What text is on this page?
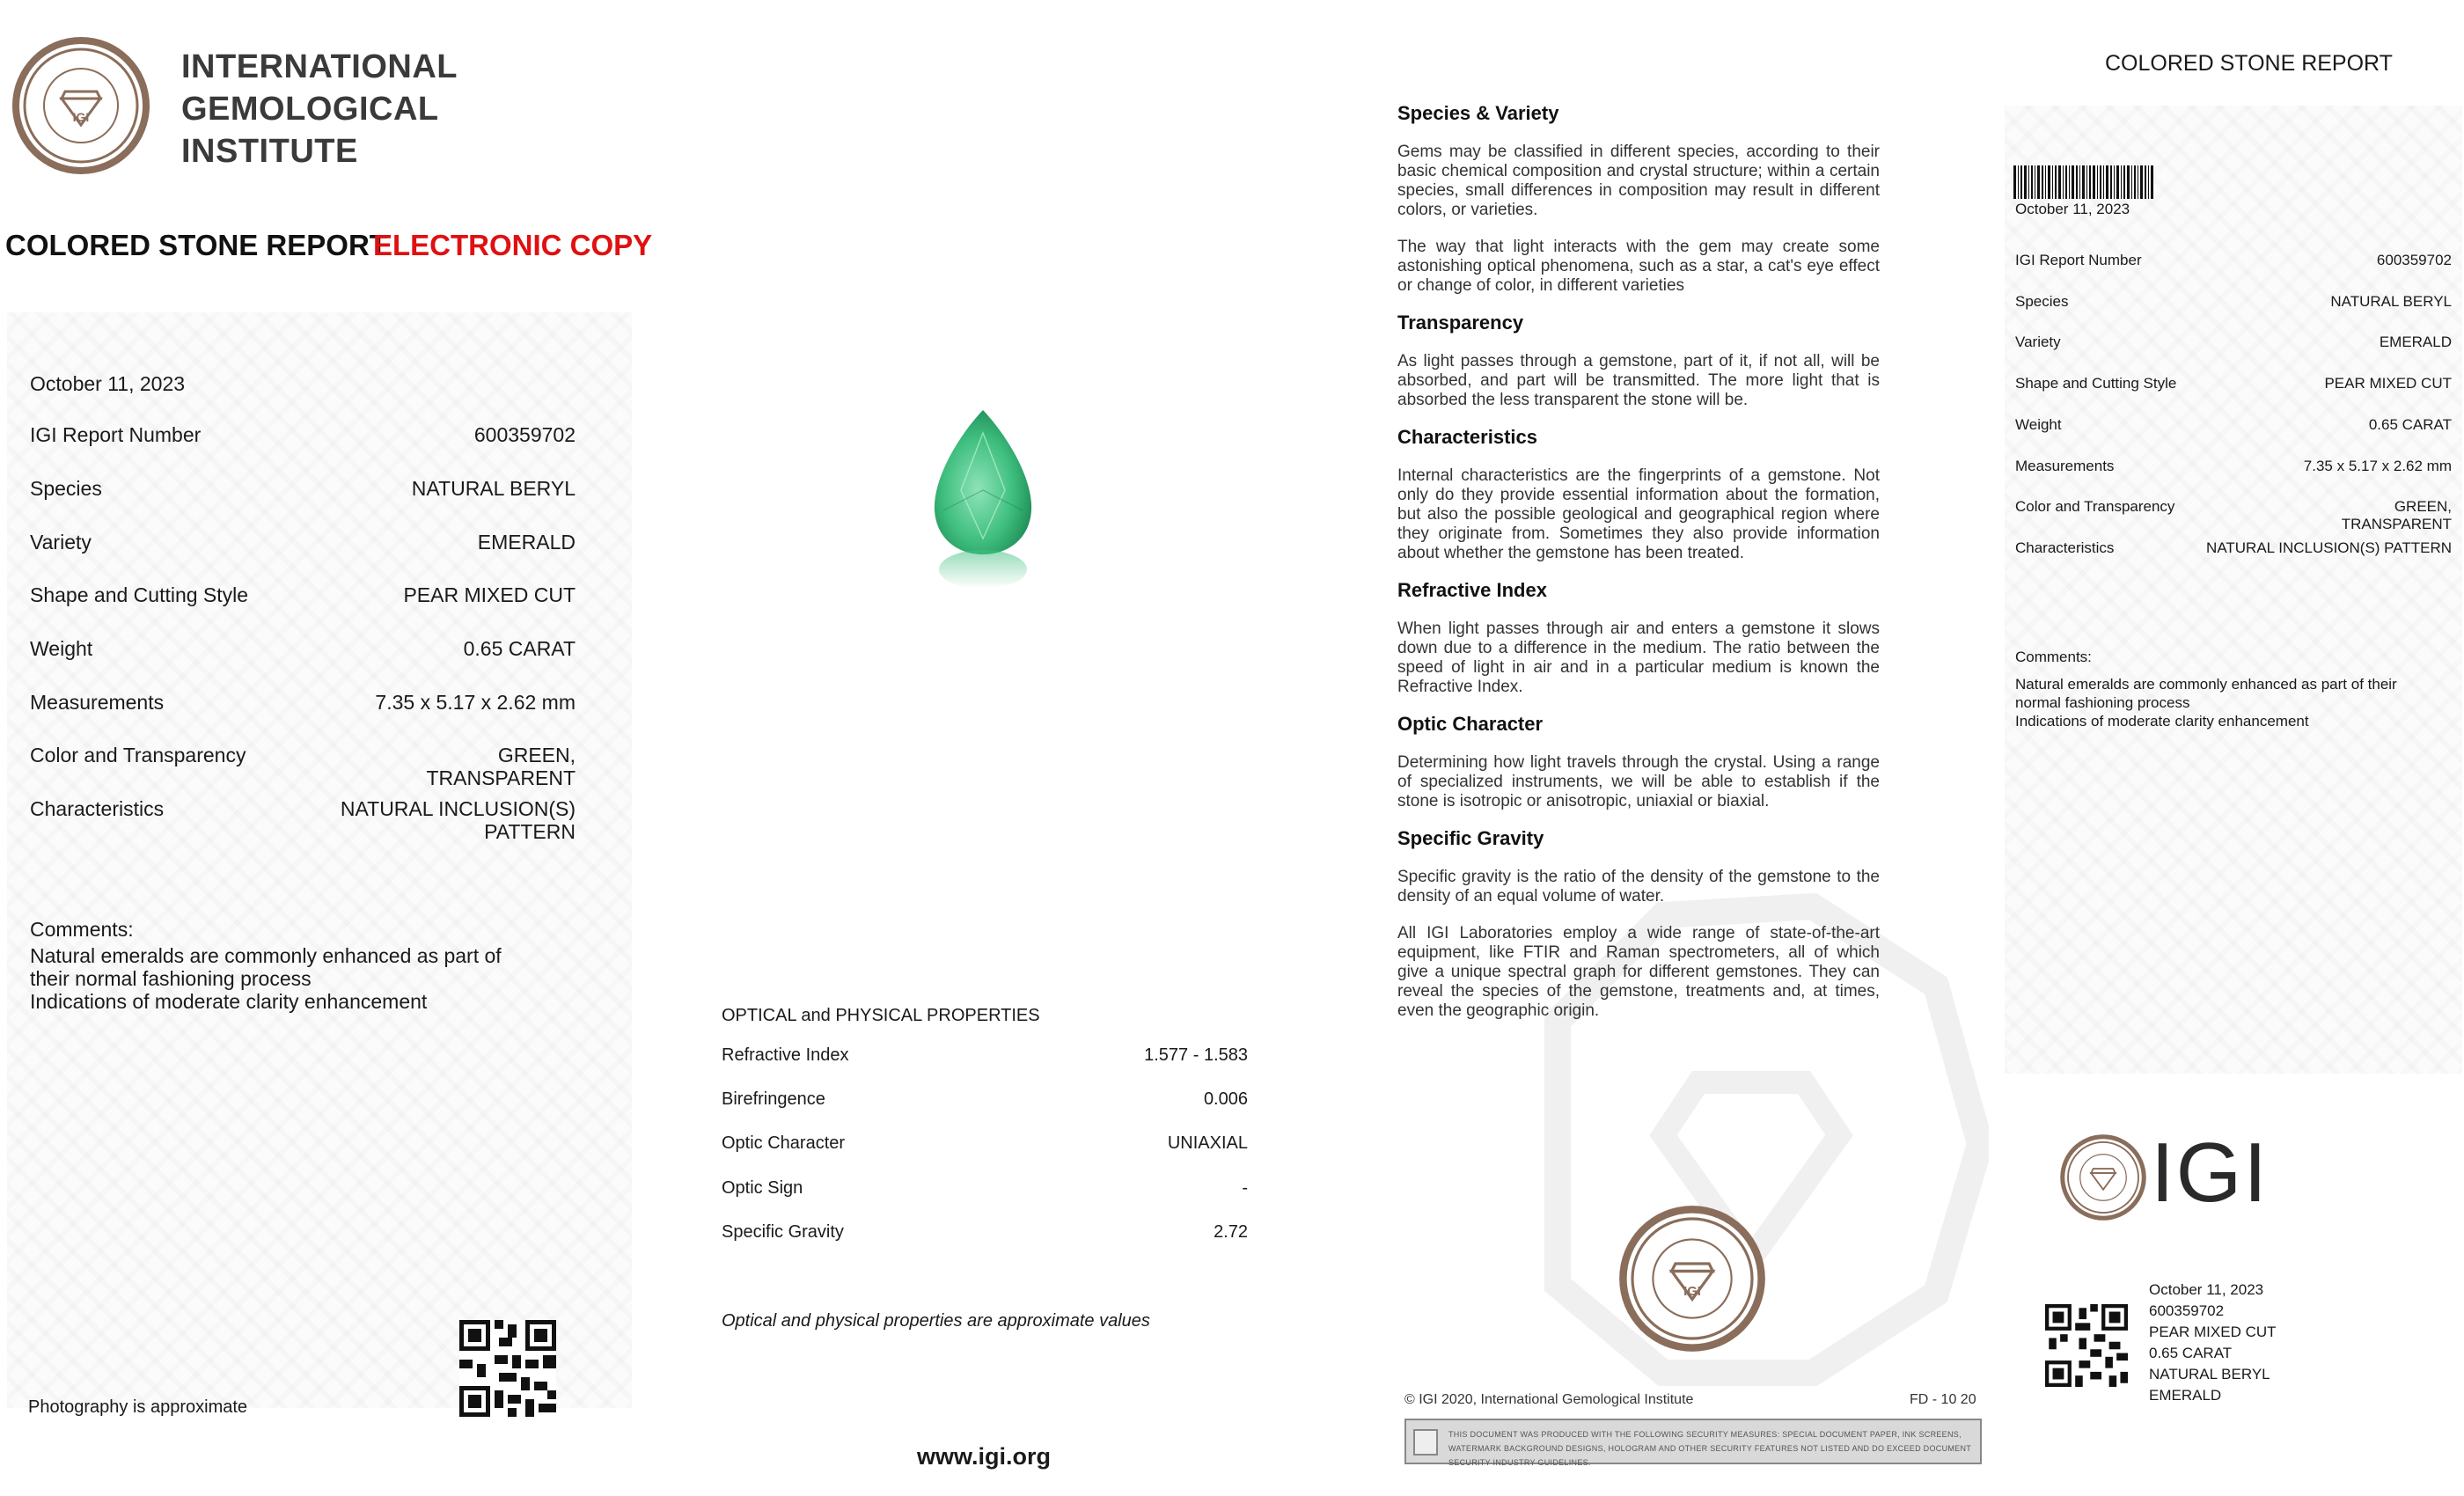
IGI
INTERNATIONAL
GEMOLOGICAL
INSTITUTE
COLORED STONE REPORT
ELECTRONIC COPY
October 11, 2023
IGI Report Number	600359702
Species	NATURAL BERYL
Variety	EMERALD
Shape and Cutting Style	PEAR MIXED CUT
Weight	0.65 CARAT
Measurements	7.35 x 5.17 x 2.62 mm
Color and Transparency	GREEN,
TRANSPARENT
Characteristics	NATURAL INCLUSION(S)
PATTERN
Comments:
Natural emeralds are commonly enhanced as part of
their normal fashioning process
Indications of moderate clarity enhancement
Photography is approximate
OPTICAL and PHYSICAL PROPERTIES
Refractive Index	1.577 - 1.583
Birefringence	0.006
Optic Character	UNIAXIAL
Optic Sign	-
Specific Gravity	2.72
Optical and physical properties are approximate values
www.igi.org
Species & Variety

Gems may be classified in different species, according to their basic chemical composition and crystal structure; within a certain species, small differences in composition may result in different colors, or varieties.

The way that light interacts with the gem may create some astonishing optical phenomena, such as a star, a cat's eye effect or change of color, in different varieties

Transparency

As light passes through a gemstone, part of it, if not all, will be absorbed, and part will be transmitted. The more light that is absorbed the less transparent the stone will be.

Characteristics

Internal characteristics are the fingerprints of a gemstone. Not only do they provide essential information about the formation, but also the possible geological and geographical region where they originate from. Sometimes they also provide information about whether the gemstone has been treated.

Refractive Index

When light passes through air and enters a gemstone it slows down due to a difference in the medium. The ratio between the speed of light in air and in a particular medium is known the Refractive Index.

Optic Character

Determining how light travels through the crystal. Using a range of specialized instruments, we will be able to establish if the stone is isotropic or anisotropic, uniaxial or biaxial.

Specific Gravity

Specific gravity is the ratio of the density of the gemstone to the density of an equal volume of water.

All IGI Laboratories employ a wide range of state-of-the-art equipment, like FTIR and Raman spectrometers, all of which give a unique spectral graph for different gemstones. They can reveal the species of the gemstone, treatments and, at times, even the geographic origin.

IGI
© IGI 2020, International Gemological Institute	FD - 10 20
THIS DOCUMENT WAS PRODUCED WITH THE FOLLOWING SECURITY MEASURES: SPECIAL DOCUMENT PAPER, INK SCREENS, WATERMARK BACKGROUND DESIGNS, HOLOGRAM AND OTHER SECURITY FEATURES NOT LISTED AND DO EXCEED DOCUMENT SECURITY INDUSTRY GUIDELINES.
COLORED STONE REPORT
October 11, 2023
IGI Report Number	600359702
Species	NATURAL BERYL
Variety	EMERALD
Shape and Cutting Style	PEAR MIXED CUT
Weight	0.65 CARAT
Measurements	7.35 x 5.17 x 2.62 mm
Color and Transparency	GREEN,
TRANSPARENT
Characteristics	NATURAL INCLUSION(S) PATTERN
Comments:
Natural emeralds are commonly enhanced as part of their
normal fashioning process
Indications of moderate clarity enhancement
IGI
October 11, 2023
600359702
PEAR MIXED CUT
0.65 CARAT
NATURAL BERYL
EMERALD
